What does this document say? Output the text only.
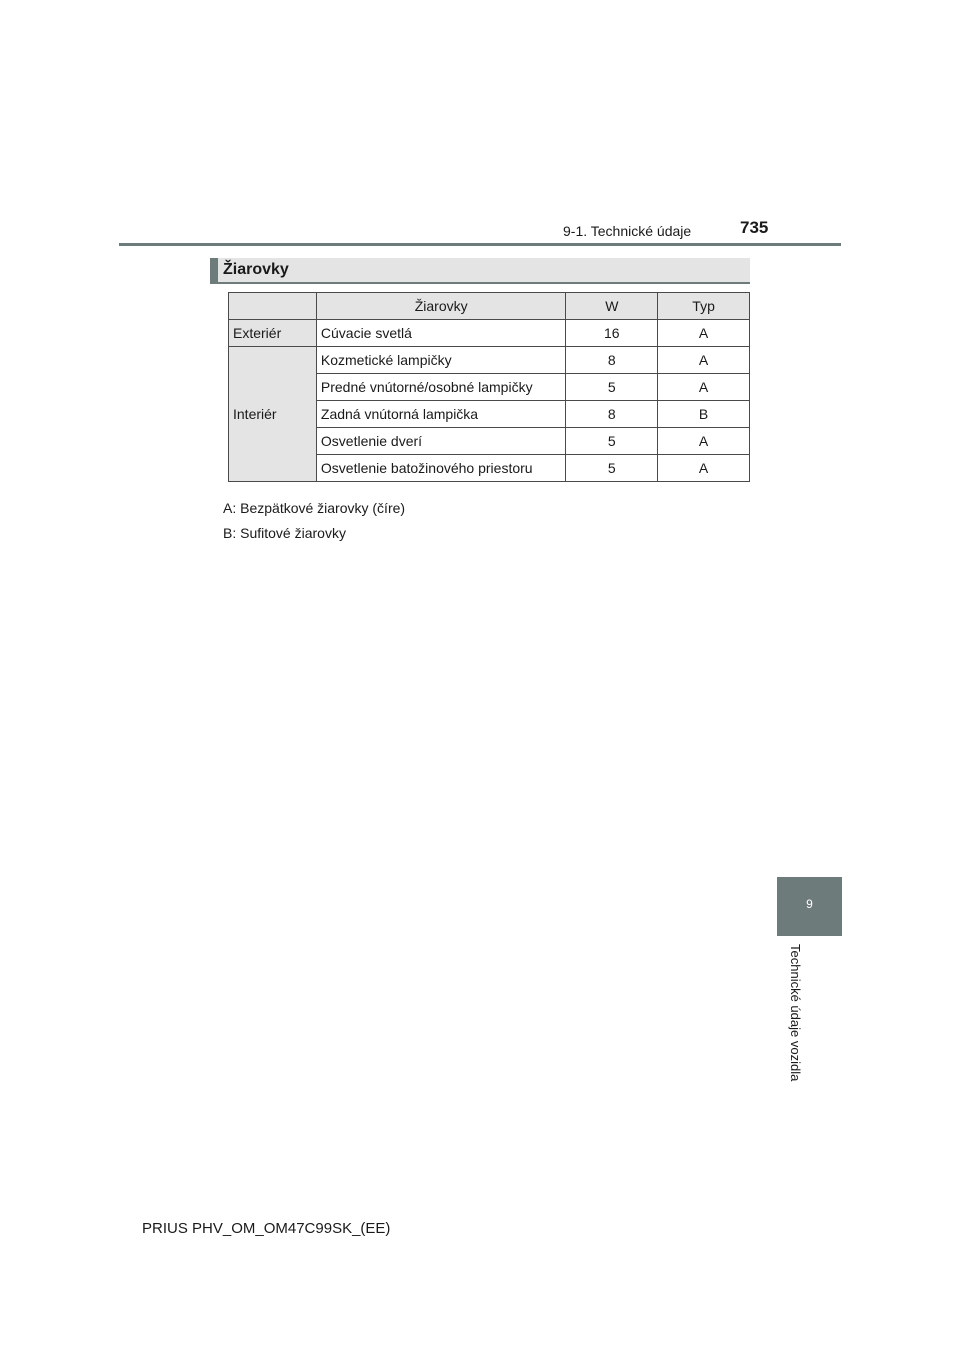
9-1. Technické údaje	735
Žiarovky
	Žiarovky	W	Typ
Exteriér	Cúvacie svetlá	16	A
Interiér	Kozmetické lampičky	8	A
	Predné vnútorné/osobné lampičky	5	A
	Zadná vnútorná lampička	8	B
	Osvetlenie dverí	5	A
	Osvetlenie batožinového priestoru	5	A
A: Bezpätkové žiarovky (číre)
B: Sufitové žiarovky
9
Technické údaje vozidla
PRIUS PHV_OM_OM47C99SK_(EE)
